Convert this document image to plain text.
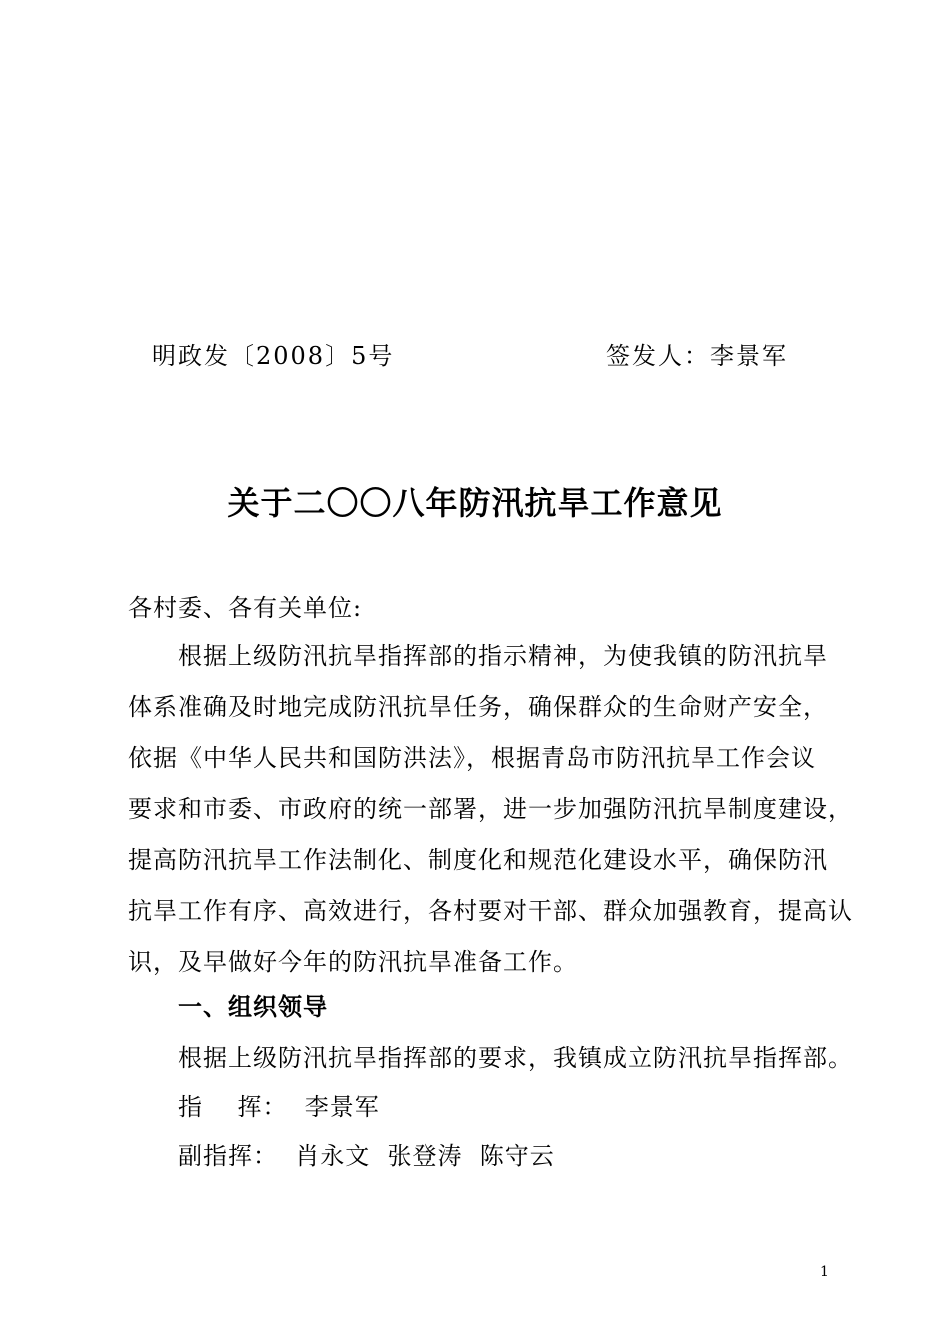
明政发〔2008〕5号	签发人：李景军
关于二〇〇八年防汛抗旱工作意见
各村委、各有关单位:
根据上级防汛抗旱指挥部的指示精神，为使我镇的防汛抗旱
体系准确及时地完成防汛抗旱任务，确保群众的生命财产安全，
依据《中华人民共和国防洪法》，根据青岛市防汛抗旱工作会议
要求和市委、市政府的统一部署，进一步加强防汛抗旱制度建设，
提高防汛抗旱工作法制化、制度化和规范化建设水平，确保防汛
抗旱工作有序、高效进行，各村要对干部、群众加强教育，提高认
识，及早做好今年的防汛抗旱准备工作。
一、组织领导
根据上级防汛抗旱指挥部的要求，我镇成立防汛抗旱指挥部。
指    挥：  李景军
副指挥：  肖永文  张登涛  陈守云
1
